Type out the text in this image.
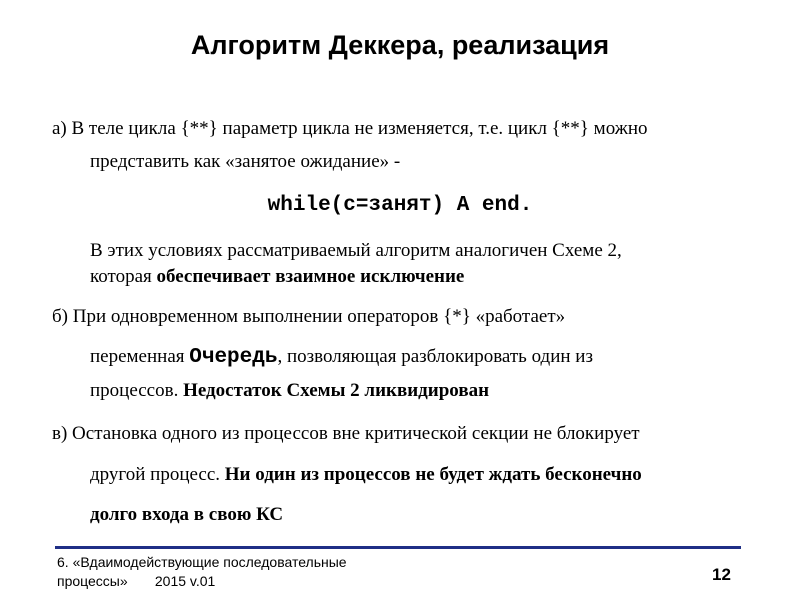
Алгоритм Деккера, реализация
а) В теле цикла {**} параметр цикла не изменяется, т.е. цикл {**} можно
представить как «занятое ожидание» -
while(c=занят) A end.
В этих условиях рассматриваемый алгоритм аналогичен Схеме 2,
которая обеспечивает взаимное исключение
б) При одновременном выполнении операторов {*} «работает»
переменная Очередь, позволяющая разблокировать один из
процессов. Недостаток Схемы 2 ликвидирован
в) Остановка одного из процессов вне критической секции не блокирует
другой процесс. Ни один из процессов не будет ждать бесконечно
долго входа в свою КС
6. «Вдаимодействующие последовательные
процессы»       2015 v.01	12
